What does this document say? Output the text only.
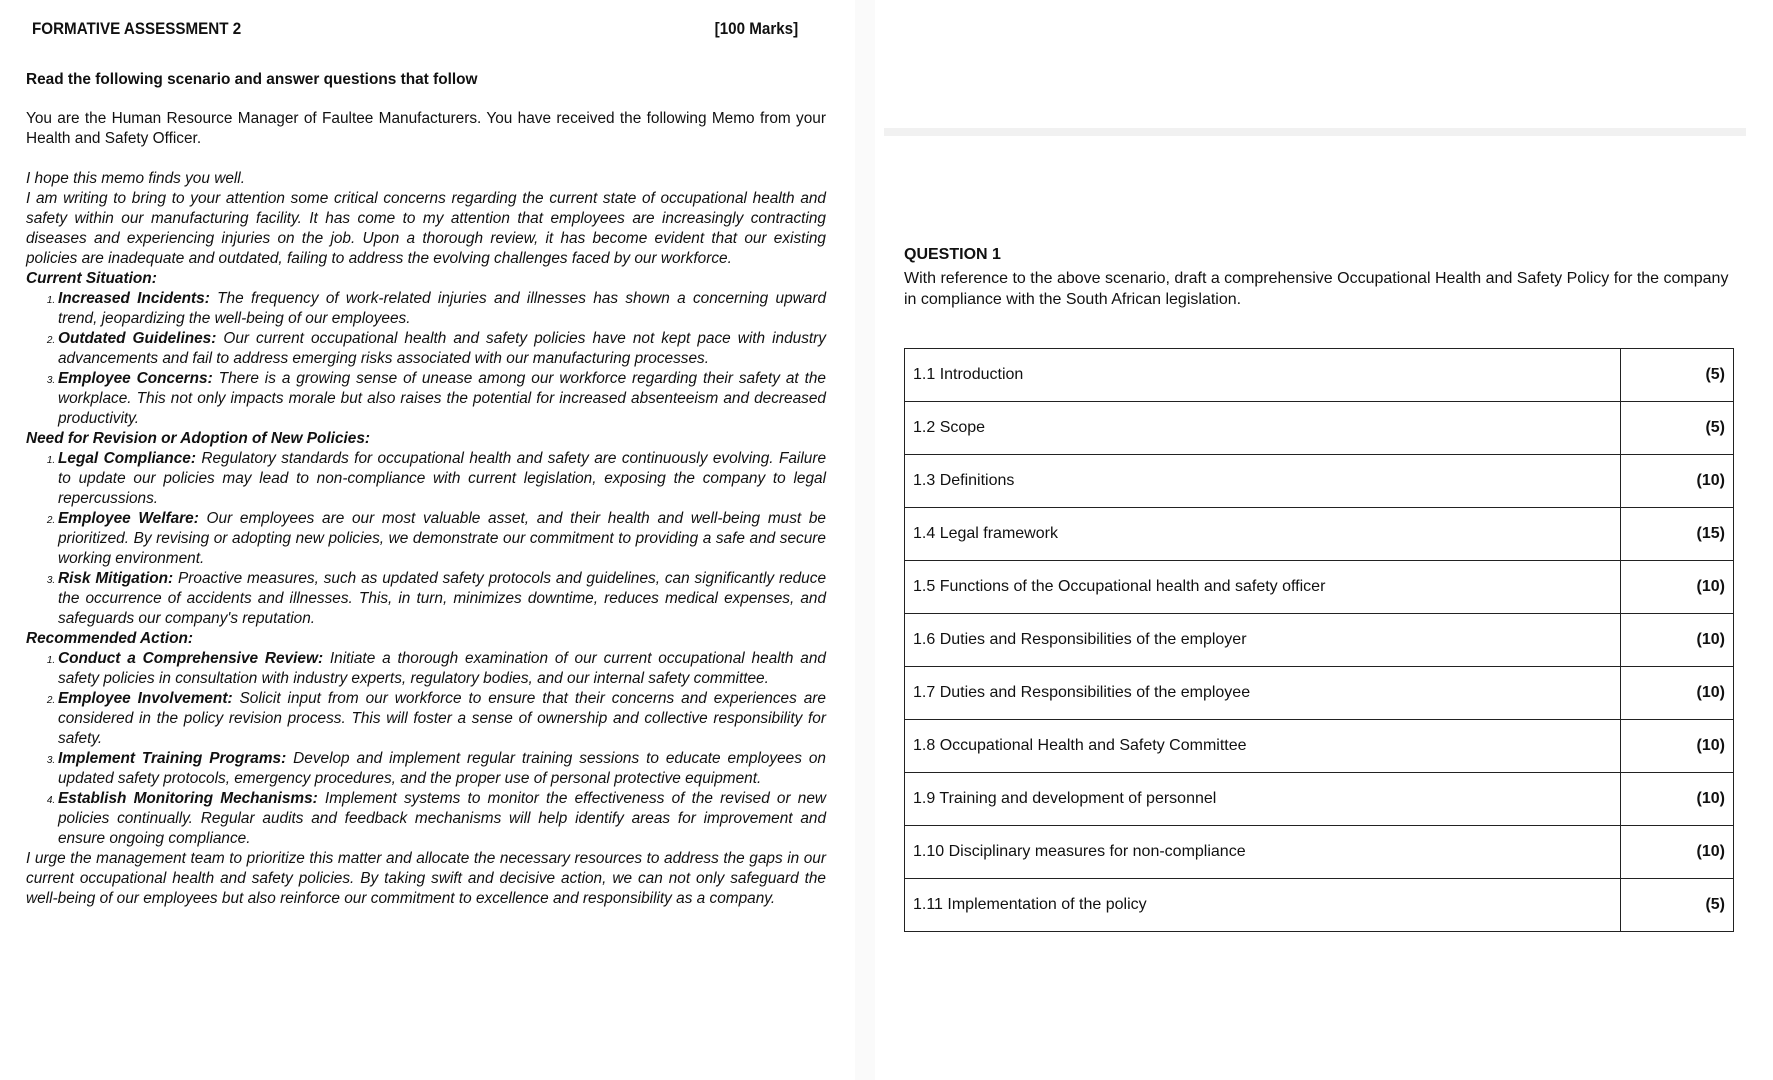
FORMATIVE ASSESSMENT 2	[100 Marks]

Read the following scenario and answer questions that follow

You are the Human Resource Manager of Faultee Manufacturers. You have received the following Memo from your Health and Safety Officer.

I hope this memo finds you well.

I am writing to bring to your attention some critical concerns regarding the current state of occupational health and safety within our manufacturing facility. It has come to my attention that employees are increasingly contracting diseases and experiencing injuries on the job. Upon a thorough review, it has become evident that our existing policies are inadequate and outdated, failing to address the evolving challenges faced by our workforce.

Current Situation:

1. Increased Incidents: The frequency of work-related injuries and illnesses has shown a concerning upward trend, jeopardizing the well-being of our employees.
2. Outdated Guidelines: Our current occupational health and safety policies have not kept pace with industry advancements and fail to address emerging risks associated with our manufacturing processes.
3. Employee Concerns: There is a growing sense of unease among our workforce regarding their safety at the workplace. This not only impacts morale but also raises the potential for increased absenteeism and decreased productivity.

Need for Revision or Adoption of New Policies:

1. Legal Compliance: Regulatory standards for occupational health and safety are continuously evolving. Failure to update our policies may lead to non-compliance with current legislation, exposing the company to legal repercussions.
2. Employee Welfare: Our employees are our most valuable asset, and their health and well-being must be prioritized. By revising or adopting new policies, we demonstrate our commitment to providing a safe and secure working environment.
3. Risk Mitigation: Proactive measures, such as updated safety protocols and guidelines, can significantly reduce the occurrence of accidents and illnesses. This, in turn, minimizes downtime, reduces medical expenses, and safeguards our company's reputation.

Recommended Action:

1. Conduct a Comprehensive Review: Initiate a thorough examination of our current occupational health and safety policies in consultation with industry experts, regulatory bodies, and our internal safety committee.
2. Employee Involvement: Solicit input from our workforce to ensure that their concerns and experiences are considered in the policy revision process. This will foster a sense of ownership and collective responsibility for safety.
3. Implement Training Programs: Develop and implement regular training sessions to educate employees on updated safety protocols, emergency procedures, and the proper use of personal protective equipment.
4. Establish Monitoring Mechanisms: Implement systems to monitor the effectiveness of the revised or new policies continually. Regular audits and feedback mechanisms will help identify areas for improvement and ensure ongoing compliance.

I urge the management team to prioritize this matter and allocate the necessary resources to address the gaps in our current occupational health and safety policies. By taking swift and decisive action, we can not only safeguard the well-being of our employees but also reinforce our commitment to excellence and responsibility as a company.

QUESTION 1
With reference to the above scenario, draft a comprehensive Occupational Health and Safety Policy for the company in compliance with the South African legislation.
1.1 Introduction	(5)
1.2 Scope	(5)
1.3 Definitions	(10)
1.4 Legal framework	(15)
1.5 Functions of the Occupational health and safety officer	(10)
1.6 Duties and Responsibilities of the employer	(10)
1.7 Duties and Responsibilities of the employee	(10)
1.8 Occupational Health and Safety Committee	(10)
1.9 Training and development of personnel	(10)
1.10 Disciplinary measures for non-compliance	(10)
1.11 Implementation of the policy	(5)
